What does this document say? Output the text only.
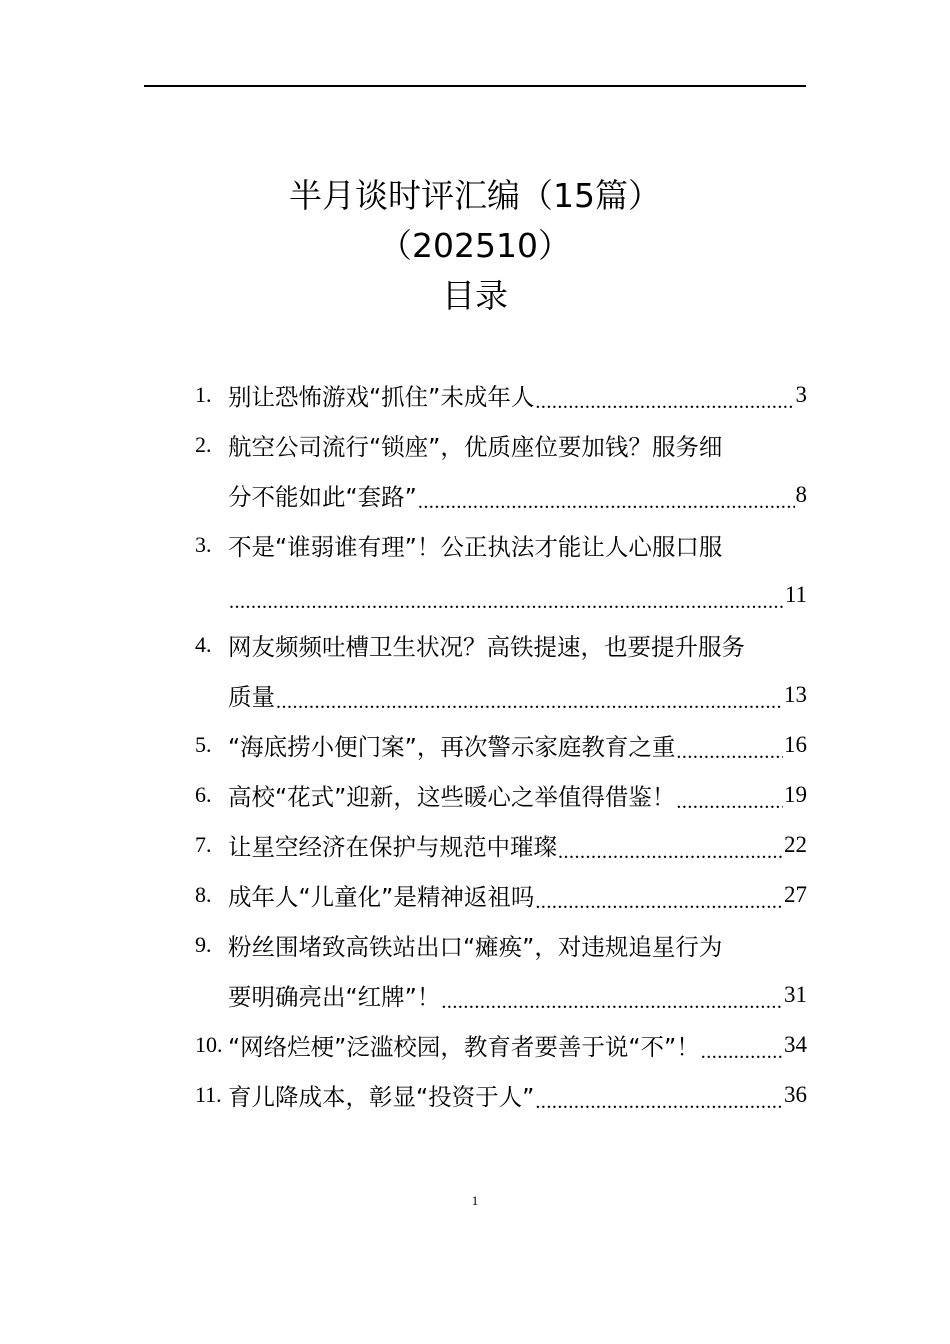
半月谈时评汇编（15篇）
（202510）
目录
1. 别让恐怖游戏“抓住”未成年人
.....	3
2. 航空公司流行“锁座”，优质座位要加钱？服务细
分不能如此“套路”
.....	8
3. 不是“谁弱谁有理”！公正执法才能让人心服口服
.....
11
4. 网友频频吐槽卫生状况？高铁提速，也要提升服务
质量
.....	13
5. “海底捞小便门案”，再次警示家庭教育之重
.....	16
6. 高校“花式”迎新，这些暖心之举值得借鉴！
.....	19
7. 让星空经济在保护与规范中璀璨
.....	22
8. 成年人“儿童化”是精神返祖吗
.....	27
9. 粉丝围堵致高铁站出口“瘫痪”，对违规追星行为
要明确亮出“红牌”！
.....	31
10. “网络烂梗”泛滥校园，教育者要善于说“不”！
.....	34
11. 育儿降成本，彰显“投资于人”
.....	36
1
